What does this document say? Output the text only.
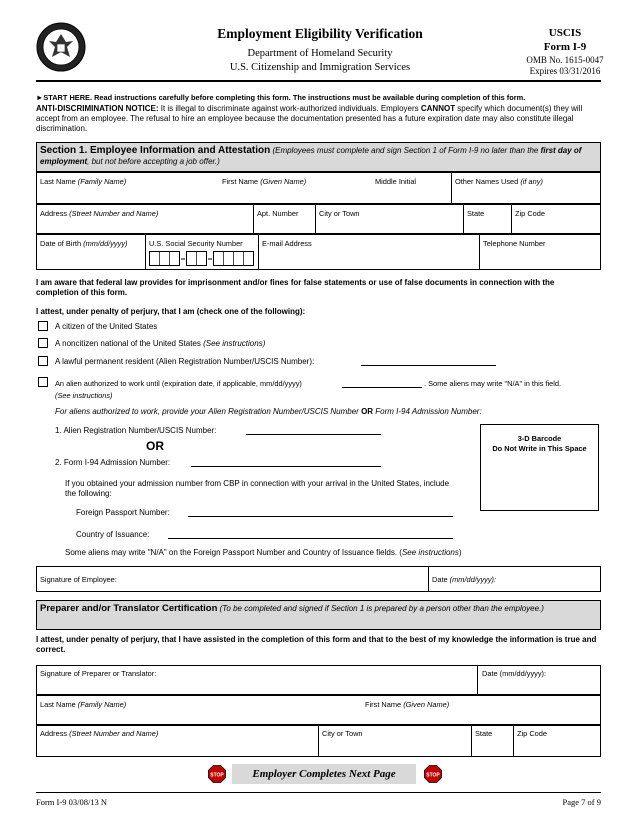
Employment Eligibility Verification
Department of Homeland Security
U.S. Citizenship and Immigration Services
USCIS
Form I-9
OMB No. 1615-0047
Expires 03/31/2016
►START HERE. Read instructions carefully before completing this form. The instructions must be available during completion of this form.
ANTI-DISCRIMINATION NOTICE: It is illegal to discriminate against work-authorized individuals. Employers CANNOT specify which document(s) they will accept from an employee. The refusal to hire an employee because the documentation presented has a future expiration date may also constitute illegal discrimination.
Section 1. Employee Information and Attestation (Employees must complete and sign Section 1 of Form I-9 no later than the first day of employment, but not before accepting a job offer.)
Last Name (Family Name)	First Name (Given Name)	Middle Initial	Other Names Used (if any)
Address (Street Number and Name)	Apt. Number	City or Town	State	Zip Code
Date of Birth (mm/dd/yyyy)	U.S. Social Security Number	E-mail Address	Telephone Number
I am aware that federal law provides for imprisonment and/or fines for false statements or use of false documents in connection with the completion of this form.
I attest, under penalty of perjury, that I am (check one of the following):
A citizen of the United States
A noncitizen national of the United States (See instructions)
A lawful permanent resident (Alien Registration Number/USCIS Number):
An alien authorized to work until (expiration date, if applicable, mm/dd/yyyy)	. Some aliens may write "N/A" in this field.
(See instructions)
For aliens authorized to work, provide your Alien Registration Number/USCIS Number OR Form I-94 Admission Number:
1. Alien Registration Number/USCIS Number:
OR
2. Form I-94 Admission Number:
3-D Barcode
Do Not Write in This Space
If you obtained your admission number from CBP in connection with your arrival in the United States, include the following:
Foreign Passport Number:
Country of Issuance:
Some aliens may write "N/A" on the Foreign Passport Number and Country of Issuance fields. (See instructions)
Signature of Employee:	Date (mm/dd/yyyy):
Preparer and/or Translator Certification (To be completed and signed if Section 1 is prepared by a person other than the employee.)
I attest, under penalty of perjury, that I have assisted in the completion of this form and that to the best of my knowledge the information is true and correct.
Signature of Preparer or Translator:	Date (mm/dd/yyyy):
Last Name (Family Name)	First Name (Given Name)
Address (Street Number and Name)	City or Town	State	Zip Code
STOP	Employer Completes Next Page	STOP
Form I-9 03/08/13 N	Page 7 of 9
